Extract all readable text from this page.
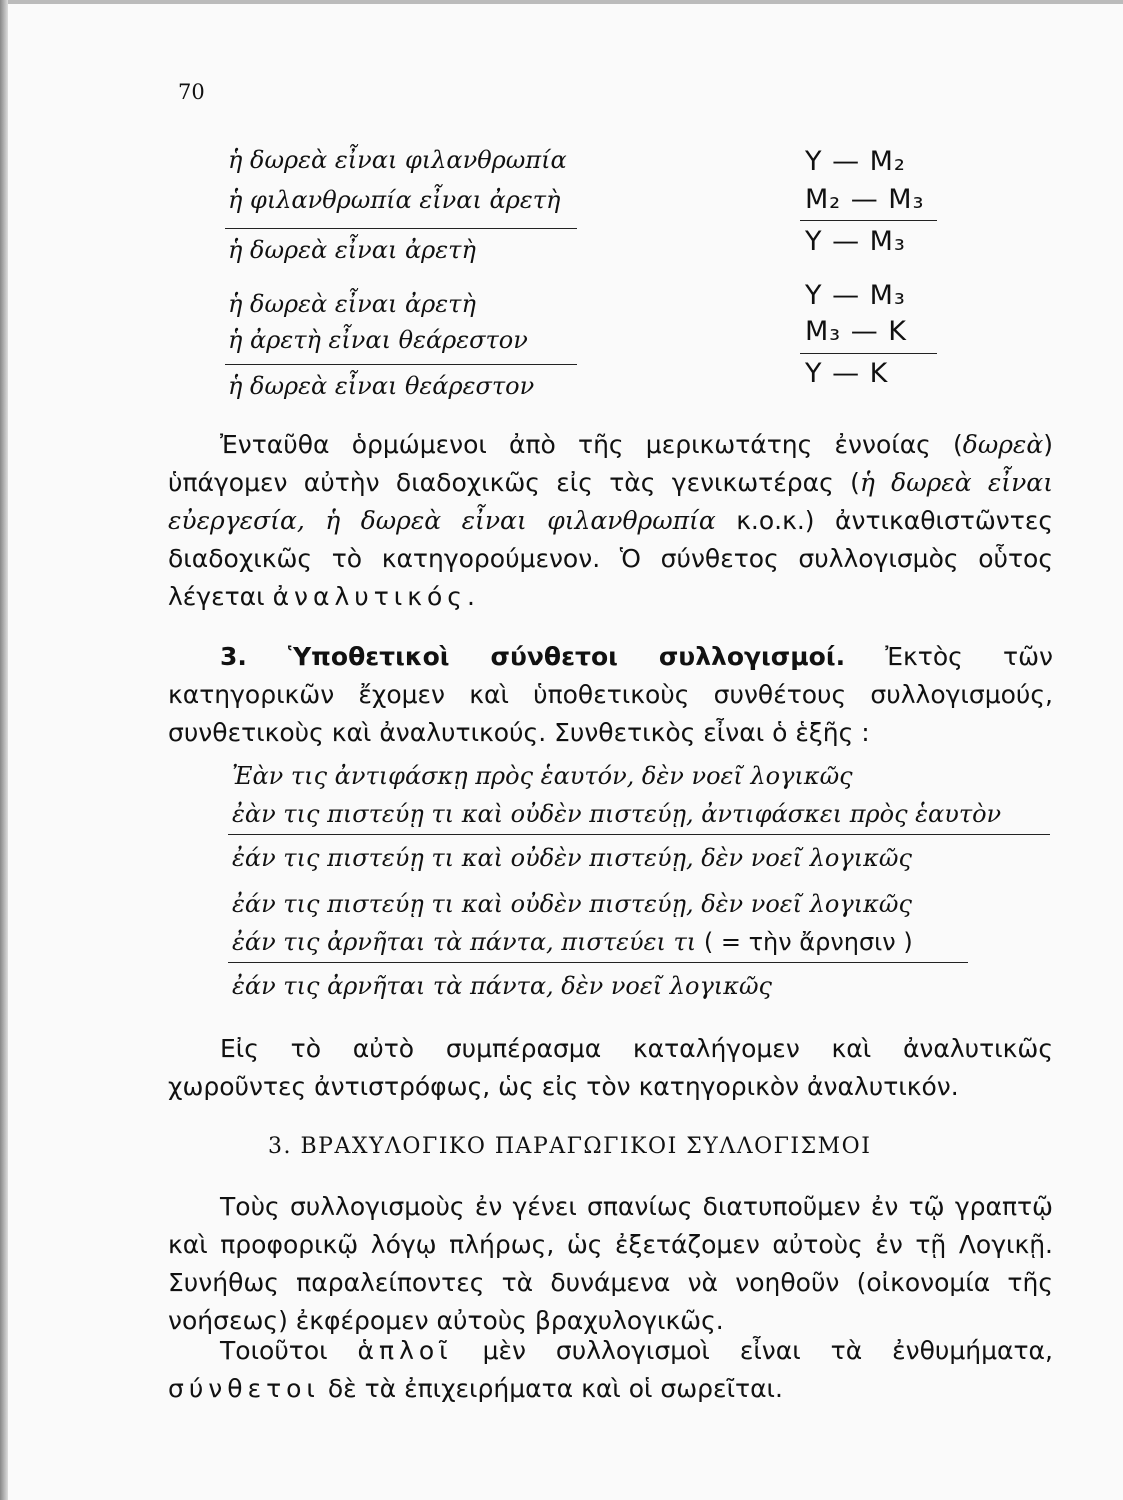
70
ἡ δωρεὰ εἶναι φιλανθρωπία
ἡ φιλανθρωπία εἶναι ἀρετὴ
ἡ δωρεὰ εἶναι ἀρετὴ
Y — M₂
M₂ — M₃
Y — M₃
ἡ δωρεὰ εἶναι ἀρετὴ
ἡ ἀρετὴ εἶναι θεάρεστον
ἡ δωρεὰ εἶναι θεάρεστον
Y — M₃
M₃ — K
Y — K

Ἐνταῦθα ὁρμώμενοι ἀπὸ τῆς μερικωτάτης ἐννοίας (δωρεὰ) ὑπάγομεν αὐτὴν διαδοχικῶς εἰς τὰς γενικωτέρας (ἡ δωρεὰ εἶναι εὐεργεσία, ἡ δωρεὰ εἶναι φιλανθρωπία κ.ο.κ.) ἀντικαθιστῶντες διαδοχικῶς τὸ κατηγορούμενον. Ὁ σύνθετος συλλογισμὸς οὗτος λέγεται ἀναλυτικός.

3. Ὑποθετικοὶ σύνθετοι συλλογισμοί. Ἐκτὸς τῶν κατηγορικῶν ἔχομεν καὶ ὑποθετικοὺς συνθέτους συλλογισμούς, συνθετικοὺς καὶ ἀναλυτικούς. Συνθετικὸς εἶναι ὁ ἑξῆς :

Ἐὰν τις ἀντιφάσκῃ πρὸς ἑαυτόν, δὲν νοεῖ λογικῶς
ἐὰν τις πιστεύῃ τι καὶ οὐδὲν πιστεύῃ, ἀντιφάσκει πρὸς ἑαυτὸν
ἐάν τις πιστεύῃ τι καὶ οὐδὲν πιστεύῃ, δὲν νοεῖ λογικῶς
ἐάν τις πιστεύῃ τι καὶ οὐδὲν πιστεύῃ, δὲν νοεῖ λογικῶς
ἐάν τις ἀρνῆται τὰ πάντα, πιστεύει τι ( = τὴν ἄρνησιν )
ἐάν τις ἀρνῆται τὰ πάντα, δὲν νοεῖ λογικῶς

Εἰς τὸ αὐτὸ συμπέρασμα καταλήγομεν καὶ ἀναλυτικῶς χωροῦντες ἀντιστρόφως, ὡς εἰς τὸν κατηγορικὸν ἀναλυτικόν.

3. ΒΡΑΧΥΛΟΓΙΚΟ ΠΑΡΑΓΩΓΙΚΟΙ ΣΥΛΛΟΓΙΣΜΟΙ

Τοὺς συλλογισμοὺς ἐν γένει σπανίως διατυποῦμεν ἐν τῷ γραπτῷ καὶ προφορικῷ λόγῳ πλήρως, ὡς ἐξετάζομεν αὐτοὺς ἐν τῇ Λογικῇ. Συνήθως παραλείποντες τὰ δυνάμενα νὰ νοηθοῦν (οἰκονομία τῆς νοήσεως) ἐκφέρομεν αὐτοὺς βραχυλογικῶς.

Τοιοῦτοι ἁπλοῖ μὲν συλλογισμοὶ εἶναι τὰ ἐνθυμήματα, σύνθετοι δὲ τὰ ἐπιχειρήματα καὶ οἱ σωρεῖται.
